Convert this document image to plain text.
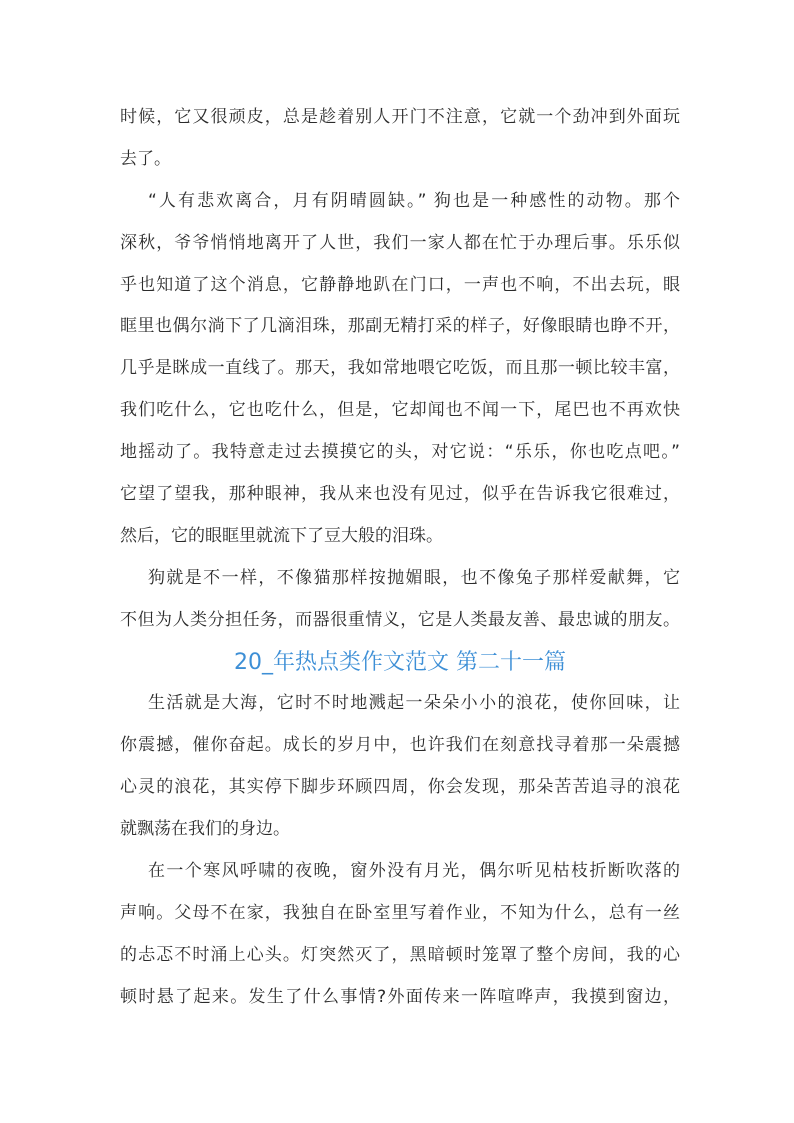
时候，它又很顽皮，总是趁着别人开门不注意，它就一个劲冲到外面玩
去了。
“人有悲欢离合，月有阴晴圆缺。” 狗也是一种感性的动物。那个
深秋，爷爷悄悄地离开了人世，我们一家人都在忙于办理后事。乐乐似
乎也知道了这个消息，它静静地趴在门口，一声也不响，不出去玩，眼
眶里也偶尔淌下了几滴泪珠，那副无精打采的样子，好像眼睛也睁不开，
几乎是眯成一直线了。那天，我如常地喂它吃饭，而且那一顿比较丰富，
我们吃什么，它也吃什么，但是，它却闻也不闻一下，尾巴也不再欢快
地摇动了。我特意走过去摸摸它的头，对它说：“乐乐，你也吃点吧。”
它望了望我，那种眼神，我从来也没有见过，似乎在告诉我它很难过，
然后，它的眼眶里就流下了豆大般的泪珠。
狗就是不一样，不像猫那样按抛媚眼，也不像兔子那样爱献舞，它
不但为人类分担任务，而器很重情义，它是人类最友善、最忠诚的朋友。
20_年热点类作文范文 第二十一篇
生活就是大海，它时不时地溅起一朵朵小小的浪花，使你回味，让
你震撼，催你奋起。成长的岁月中，也许我们在刻意找寻着那一朵震撼
心灵的浪花，其实停下脚步环顾四周，你会发现，那朵苦苦追寻的浪花
就飘荡在我们的身边。
在一个寒风呼啸的夜晚，窗外没有月光，偶尔听见枯枝折断吹落的
声响。父母不在家，我独自在卧室里写着作业，不知为什么，总有一丝
的忐忑不时涌上心头。灯突然灭了，黑暗顿时笼罩了整个房间，我的心
顿时悬了起来。发生了什么事情?外面传来一阵喧哗声，我摸到窗边，
